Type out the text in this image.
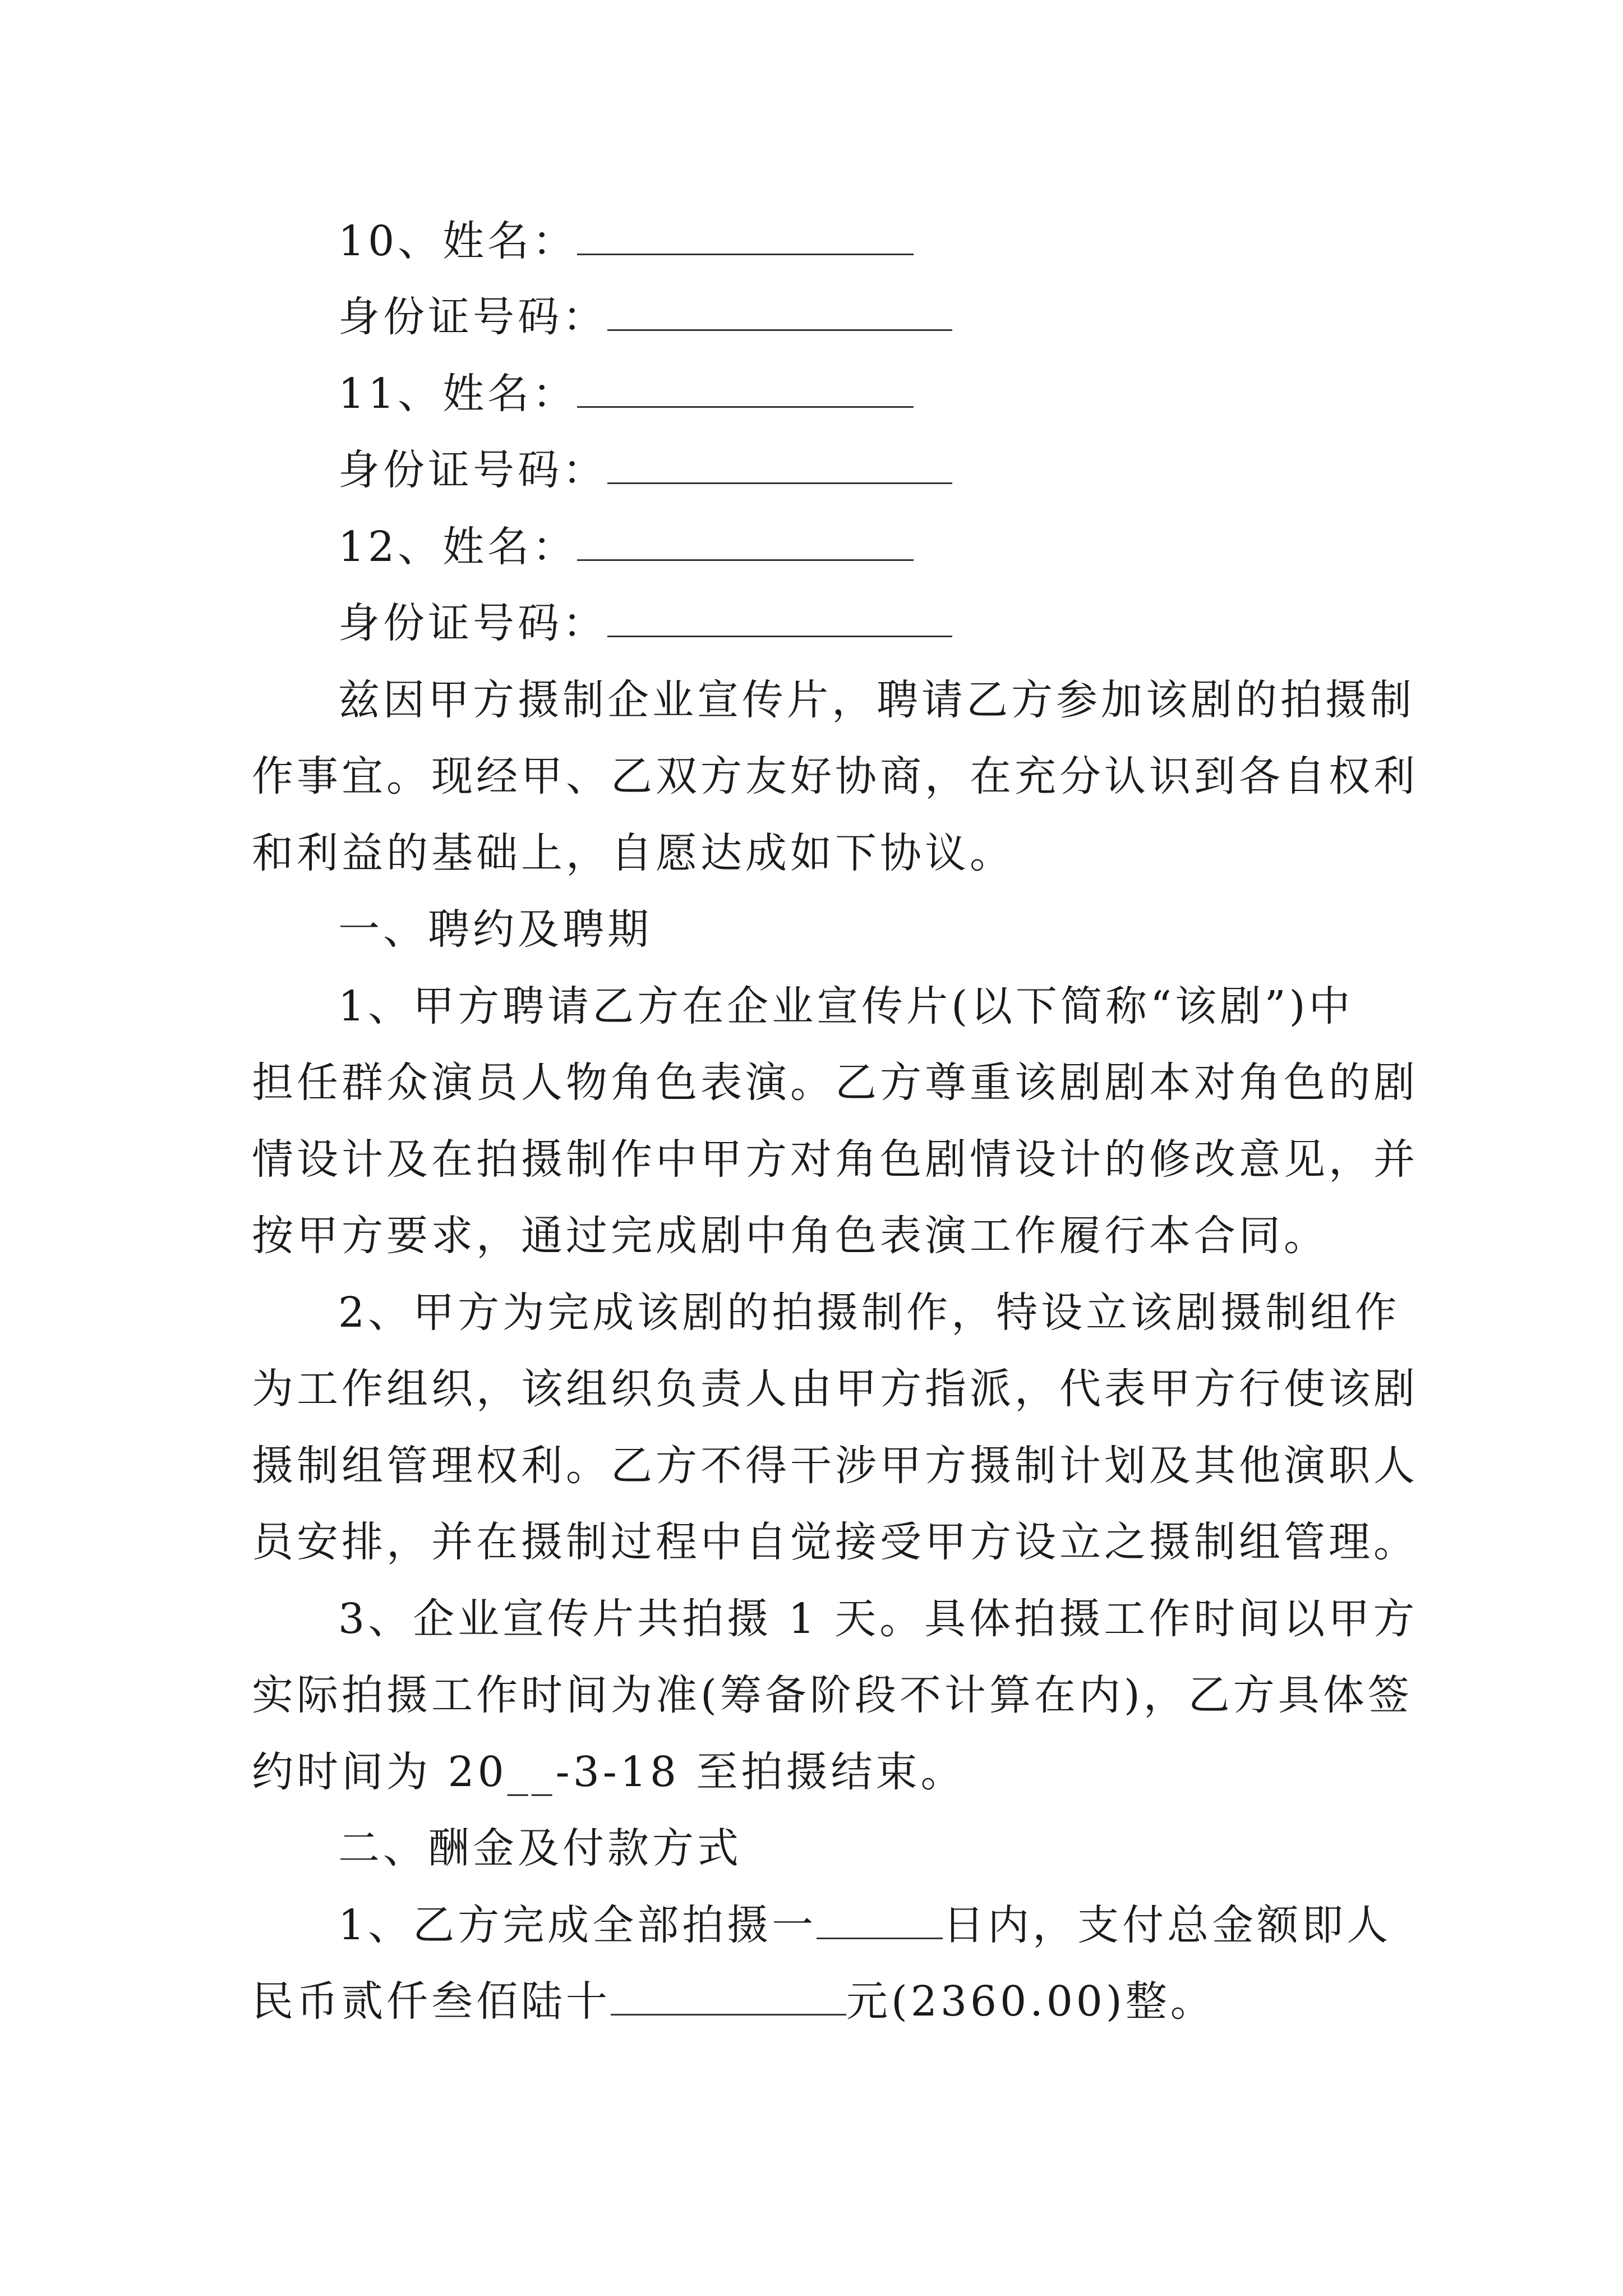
10、姓名：
身份证号码：
11、姓名：
身份证号码：
12、姓名：
身份证号码：
兹因甲方摄制企业宣传片，聘请乙方参加该剧的拍摄制
作事宜。现经甲、乙双方友好协商，在充分认识到各自权利
和利益的基础上，自愿达成如下协议。
一、聘约及聘期
1、甲方聘请乙方在企业宣传片(以下简称“该剧”)中
担任群众演员人物角色表演。乙方尊重该剧剧本对角色的剧
情设计及在拍摄制作中甲方对角色剧情设计的修改意见，并
按甲方要求，通过完成剧中角色表演工作履行本合同。
2、甲方为完成该剧的拍摄制作，特设立该剧摄制组作
为工作组织，该组织负责人由甲方指派，代表甲方行使该剧
摄制组管理权利。乙方不得干涉甲方摄制计划及其他演职人
员安排，并在摄制过程中自觉接受甲方设立之摄制组管理。
3、企业宣传片共拍摄 1 天。具体拍摄工作时间以甲方
实际拍摄工作时间为准(筹备阶段不计算在内)，乙方具体签
约时间为 20__-3-18 至拍摄结束。
二、酬金及付款方式
1、乙方完成全部拍摄一	日内，支付总金额即人
民币贰仟叁佰陆十	元(2360.00)整。
